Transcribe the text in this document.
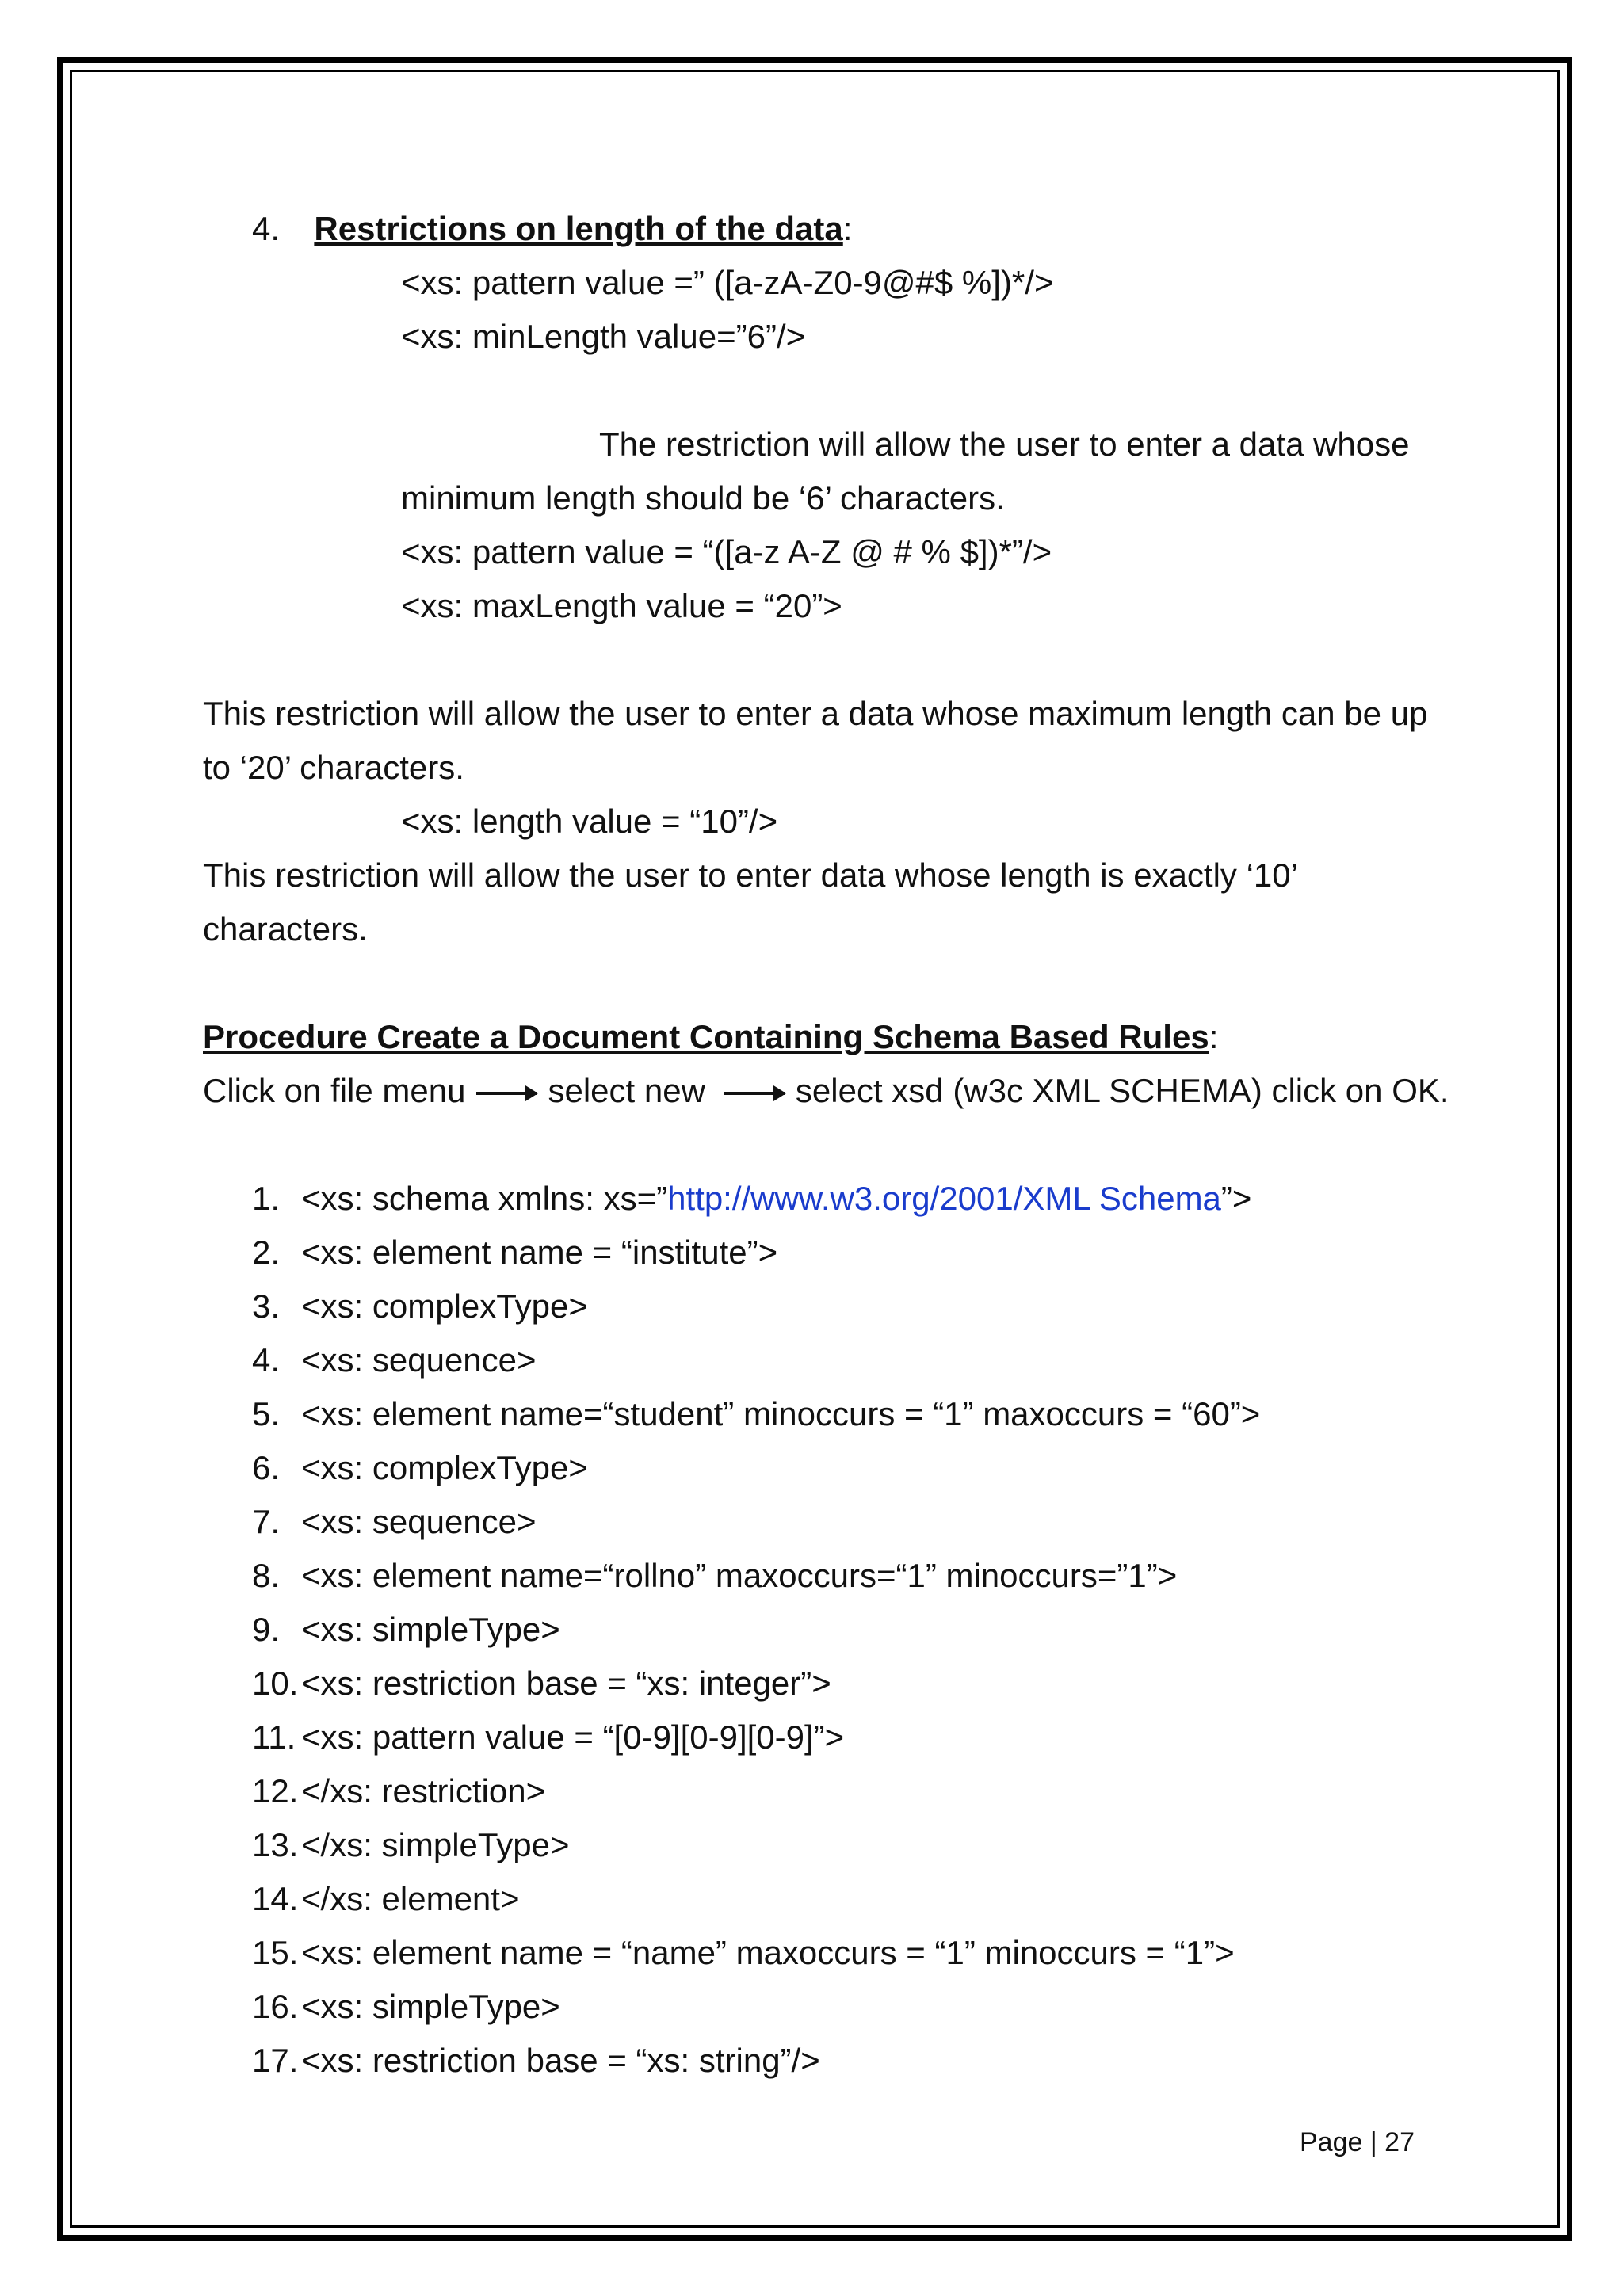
4. Restrictions on length of the data:
<xs: pattern value =” ([a-zA-Z0-9@#$ %])*/>
<xs: minLength value=”6”/>
The restriction will allow the user to enter a data whose
minimum length should be ‘6’ characters.
<xs: pattern value = “([a-z A-Z @ # % $])*”/>
<xs: maxLength value = “20”>
This restriction will allow the user to enter a data whose maximum length can be up
to ‘20’ characters.
<xs: length value = “10”/>
This restriction will allow the user to enter data whose length is exactly ‘10’
characters.
Procedure Create a Document Containing Schema Based Rules:
Click on file menu select new	select xsd (w3c XML SCHEMA) click on OK.
1. <xs: schema xmlns: xs=”http://www.w3.org/2001/XML Schema”>
2. <xs: element name = “institute”>
3. <xs: complexType>
4. <xs: sequence>
5. <xs: element name=“student” minoccurs = “1” maxoccurs = “60”>
6. <xs: complexType>
7. <xs: sequence>
8. <xs: element name=“rollno” maxoccurs=“1” minoccurs=”1”>
9. <xs: simpleType>
10.<xs: restriction base = “xs: integer”>
11. <xs: pattern value = “[0-9][0-9][0-9]”>
12.</xs: restriction>
13.</xs: simpleType>
14.</xs: element>
15.<xs: element name = “name” maxoccurs = “1” minoccurs = “1”>
16.<xs: simpleType>
17.<xs: restriction base = “xs: string”/>
Page | 27
